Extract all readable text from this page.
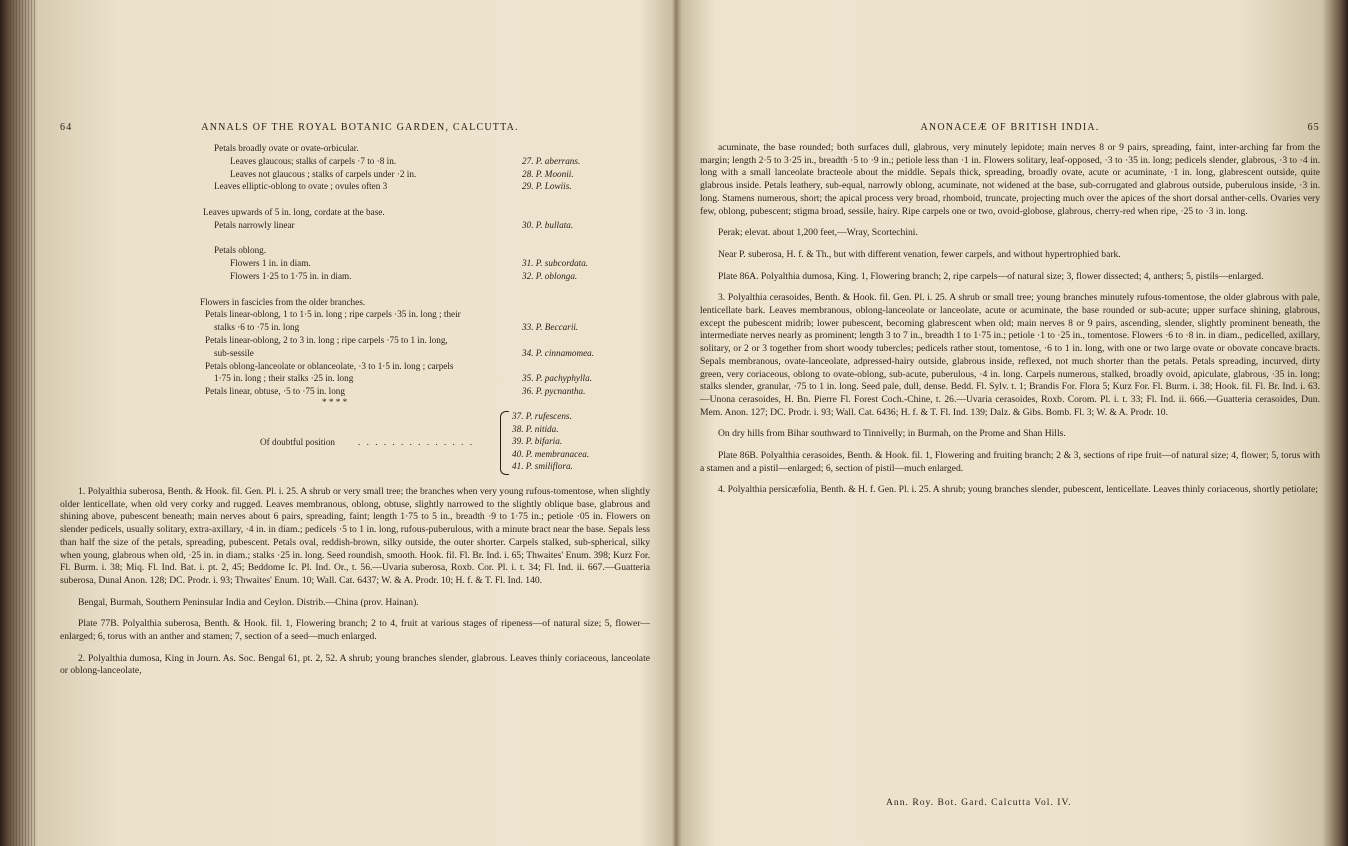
64	ANNALS OF THE ROYAL BOTANIC GARDEN, CALCUTTA.
Petals broadly ovate or ovate-orbicular.
Leaves glaucous; stalks of carpels ·7 to ·8 in.	27. P. aberrans.
Leaves not glaucous ; stalks of carpels under ·2 in.	28. P. Moonii.
Leaves elliptic-oblong to ovate ; ovules often 3	29. P. Lowiis.
Leaves upwards of 5 in. long, cordate at the base.
Petals narrowly linear	30. P. bullata.
Petals oblong.
Flowers 1 in. in diam.	31. P. subcordata.
Flowers 1·25 to 1·75 in. in diam.	32. P. oblonga.
Flowers in fascicles from the older branches.
Petals linear-oblong, 1 to 1·5 in. long ; ripe carpels ·35 in. long ; their
stalks ·6 to ·75 in. long	33. P. Beccarii.
Petals linear-oblong, 2 to 3 in. long ; ripe carpels ·75 to 1 in. long,
sub-sessile	34. P. cinnamomea.
Petals oblong-lanceolate or oblanceolate, ·3 to 1·5 in. long ; carpels
1·75 in. long ; their stalks ·25 in. long	35. P. pachyphylla.
Petals linear, obtuse, ·5 to ·75 in. long	36. P. pycnantha.
* * * *
Of doubtful position . . . . . . . . . . . . . .
37. P. rufescens.
38. P. nitida.
39. P. bifaria.
40. P. membranacea.
41. P. smiliflora.

1. Polyalthia suberosa, Benth. & Hook. fil. Gen. Pl. i. 25. A shrub or very small tree; the branches when very young rufous-tomentose, when slightly older lenticellate, when old very corky and rugged. Leaves membranous, oblong, obtuse, slightly narrowed to the slightly oblique base, glabrous and shining above, pubescent beneath; main nerves about 6 pairs, spreading, faint; length 1·75 to 5 in., breadth ·9 to 1·75 in.; petiole ·05 in. Flowers on slender pedicels, usually solitary, extra-axillary, ·4 in. in diam.; pedicels ·5 to 1 in. long, rufous-puberulous, with a minute bract near the base. Sepals less than half the size of the petals, spreading, pubescent. Petals oval, reddish-brown, silky outside, the outer shorter. Carpels stalked, sub-spherical, silky when young, glabrous when old, ·25 in. in diam.; stalks ·25 in. long. Seed roundish, smooth. Hook. fil. Fl. Br. Ind. i. 65; Thwaites' Enum. 398; Kurz For. Fl. Burm. i. 38; Miq. Fl. Ind. Bat. i. pt. 2, 45; Beddome Ic. Pl. Ind. Or., t. 56.—Uvaria suberosa, Roxb. Cor. Pl. i. t. 34; Fl. Ind. ii. 667.—Guatteria suberosa, Dunal Anon. 128; DC. Prodr. i. 93; Thwaites' Enum. 10; Wall. Cat. 6437; W. & A. Prodr. 10; H. f. & T. Fl. Ind. 140.

Bengal, Burmah, Southern Peninsular India and Ceylon. Distrib.—China (prov. Hainan).

Plate 77B. Polyalthia suberosa, Benth. & Hook. fil. 1, Flowering branch; 2 to 4, fruit at various stages of ripeness—of natural size; 5, flower—enlarged; 6, torus with an anther and stamen; 7, section of a seed—much enlarged.

2. Polyalthia dumosa, King in Journ. As. Soc. Bengal 61, pt. 2, 52. A shrub; young branches slender, glabrous. Leaves thinly coriaceous, lanceolate or oblong-lanceolate,

ANONACEÆ OF BRITISH INDIA.	65

acuminate, the base rounded; both surfaces dull, glabrous, very minutely lepidote; main nerves 8 or 9 pairs, spreading, faint, inter-arching far from the margin; length 2·5 to 3·25 in., breadth ·5 to ·9 in.; petiole less than ·1 in. Flowers solitary, leaf-opposed, ·3 to ·35 in. long; pedicels slender, glabrous, ·3 to ·4 in. long with a small lanceolate bracteole about the middle. Sepals thick, spreading, broadly ovate, acute or acuminate, ·1 in. long, glabrescent outside, quite glabrous inside. Petals leathery, sub-equal, narrowly oblong, acuminate, not widened at the base, sub-corrugated and glabrous outside, puberulous inside, ·3 in. long. Stamens numerous, short; the apical process very broad, rhomboid, truncate, projecting much over the apices of the short dorsal anther-cells. Ovaries very few, oblong, pubescent; stigma broad, sessile, hairy. Ripe carpels one or two, ovoid-globose, glabrous, cherry-red when ripe, ·25 to ·3 in. long.

Perak; elevat. about 1,200 feet,—Wray, Scortechini.

Near P. suberosa, H. f. & Th., but with different venation, fewer carpels, and without hypertrophied bark.

Plate 86A. Polyalthia dumosa, King. 1, Flowering branch; 2, ripe carpels—of natural size; 3, flower dissected; 4, anthers; 5, pistils—enlarged.

3. Polyalthia cerasoides, Benth. & Hook. fil. Gen. Pl. i. 25. A shrub or small tree; young branches minutely rufous-tomentose, the older glabrous with pale, lenticellate bark. Leaves membranous, oblong-lanceolate or lanceolate, acute or acuminate, the base rounded or sub-acute; upper surface shining, glabrous, except the pubescent midrib; lower pubescent, becoming glabrescent when old; main nerves 8 or 9 pairs, ascending, slender, slightly prominent beneath, the intermediate nerves nearly as prominent; length 3 to 7 in., breadth 1 to 1·75 in.; petiole ·1 to ·25 in., tomentose. Flowers ·6 to ·8 in. in diam., pedicelled, axillary, solitary, or 2 or 3 together from short woody tubercles; pedicels rather stout, tomentose, ·6 to 1 in. long, with one or two large ovate or obovate concave bracts. Sepals membranous, ovate-lanceolate, adpressed-hairy outside, glabrous inside, reflexed, not much shorter than the petals. Petals spreading, incurved, dirty green, very coriaceous, oblong to ovate-oblong, sub-acute, puberulous, ·4 in. long. Carpels numerous, stalked, broadly ovoid, apiculate, glabrous, ·35 in. long; stalks slender, granular, ·75 to 1 in. long. Seed pale, dull, dense. Bedd. Fl. Sylv. t. 1; Brandis For. Flora 5; Kurz For. Fl. Burm. i. 38; Hook. fil. Fl. Br. Ind. i. 63.—Unona cerasoides, H. Bn. Pierre Fl. Forest Coch.-Chine, t. 26.—Uvaria cerasoides, Roxb. Corom. Pl. i. t. 33; Fl. Ind. ii. 666.—Guatteria cerasoides, Dun. Mem. Anon. 127; DC. Prodr. i. 93; Wall. Cat. 6436; H. f. & T. Fl. Ind. 139; Dalz. & Gibs. Bomb. Fl. 3; W. & A. Prodr. 10.

On dry hills from Bihar southward to Tinnivelly; in Burmah, on the Prome and Shan Hills.

Plate 86B. Polyalthia cerasoides, Benth. & Hook. fil. 1, Flowering and fruiting branch; 2 & 3, sections of ripe fruit—of natural size; 4, flower; 5, torus with a stamen and a pistil—enlarged; 6, section of pistil—much enlarged.

4. Polyalthia persicæfolia, Benth. & H. f. Gen. Pl. i. 25. A shrub; young branches slender, pubescent, lenticellate. Leaves thinly coriaceous, shortly petiolate;

Ann. Roy. Bot. Gard. Calcutta Vol. IV.
